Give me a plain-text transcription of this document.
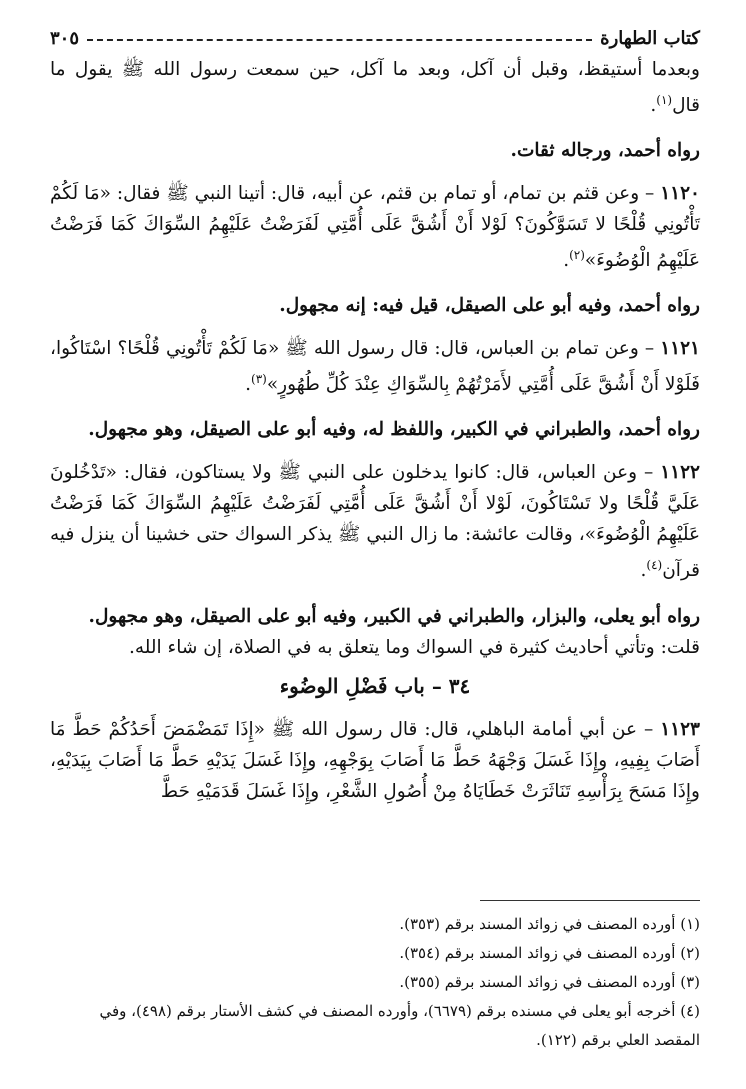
كتاب الطهارة
٣٠٥

وبعدما أستيقظ، وقبل أن آكل، وبعد ما آكل، حين سمعت رسول الله ﷺ يقول ما قال$^{(١)}$.

رواه أحمد، ورجاله ثقات.

١١٢٠ – وعن قثم بن تمام، أو تمام بن قثم، عن أبيه، قال: أتينا النبي ﷺ فقال: «مَا لَكُمْ تَأْتُونِي قُلْحًا لا تَسَوَّكُونَ؟ لَوْلا أَنْ أَشُقَّ عَلَى أُمَّتِي لَفَرَضْتُ عَلَيْهِمُ السِّوَاكَ كَمَا فَرَضْتُ عَلَيْهِمُ الْوُضُوءَ»$^{(٢)}$.

رواه أحمد، وفيه أبو على الصيقل، قيل فيه: إنه مجهول.

١١٢١ – وعن تمام بن العباس، قال: قال رسول الله ﷺ «مَا لَكُمْ تَأْتُونِي قُلْحًا؟ اسْتَاكُوا، فَلَوْلا أَنْ أَشُقَّ عَلَى أُمَّتِي لأَمَرْتُهُمْ بِالسِّوَاكِ عِنْدَ كُلِّ طُهُورٍ»$^{(٣)}$.

رواه أحمد، والطبراني في الكبير، واللفظ له، وفيه أبو على الصيقل، وهو مجهول.

١١٢٢ – وعن العباس، قال: كانوا يدخلون على النبي ﷺ ولا يستاكون، فقال: «تَدْخُلونَ عَلَيَّ قُلْحًا ولا تَسْتَاكُونَ، لَوْلا أَنْ أَشُقَّ عَلَى أُمَّتِي لَفَرَضْتُ عَلَيْهِمُ السِّوَاكَ كَمَا فَرَضْتُ عَلَيْهِمُ الْوُضُوءَ»، وقالت عائشة: ما زال النبي ﷺ يذكر السواك حتى خشينا أن ينزل فيه قرآن$^{(٤)}$.

رواه أبو يعلى، والبزار، والطبراني في الكبير، وفيه أبو على الصيقل، وهو مجهول.

قلت: وتأتي أحاديث كثيرة في السواك وما يتعلق به في الصلاة، إن شاء الله.

٣٤ – باب فَضْلِ الوضُوء

١١٢٣ – عن أبي أمامة الباهلي، قال: قال رسول الله ﷺ «إِذَا تَمَضْمَضَ أَحَدُكُمْ حَطَّ مَا أَصَابَ بِفِيهِ، وإِذَا غَسَلَ وَجْهَهُ حَطَّ مَا أَصَابَ بِوَجْهِهِ، وإِذَا غَسَلَ يَدَيْهِ حَطَّ مَا أَصَابَ بِيَدَيْهِ، وإِذَا مَسَحَ بِرَأْسِهِ تَنَاثَرَتْ خَطَايَاهُ مِنْ أُصُولِ الشَّعْرِ، وإِذَا غَسَلَ قَدَمَيْهِ حَطَّ

(١) أورده المصنف في زوائد المسند برقم (٣٥٣).

(٢) أورده المصنف في زوائد المسند برقم (٣٥٤).

(٣) أورده المصنف في زوائد المسند برقم (٣٥٥).

(٤) أخرجه أبو يعلى في مسنده برقم (٦٦٧٩)، وأورده المصنف في كشف الأستار برقم (٤٩٨)، وفي المقصد العلي برقم (١٢٢).
